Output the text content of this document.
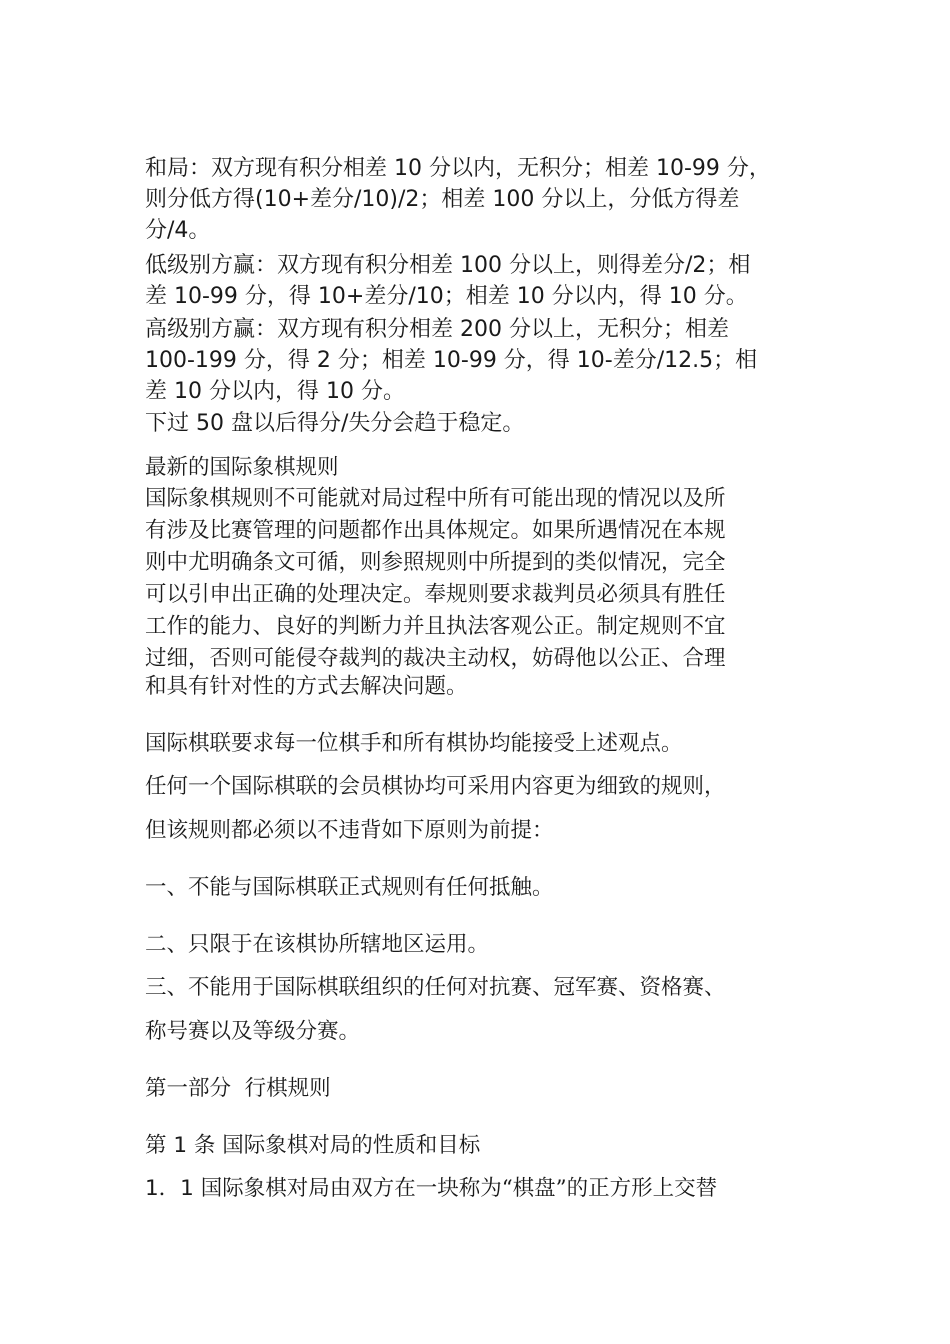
和局：双方现有积分相差 10 分以内，无积分；相差 10-99 分，
则分低方得(10+差分/10)/2；相差 100 分以上，分低方得差
分/4。
低级别方赢：双方现有积分相差 100 分以上，则得差分/2；相
差 10-99 分，得 10+差分/10；相差 10 分以内，得 10 分。
高级别方赢：双方现有积分相差 200 分以上，无积分；相差
100-199 分，得 2 分；相差 10-99 分，得 10-差分/12.5；相
差 10 分以内，得 10 分。
下过 50 盘以后得分/失分会趋于稳定。
最新的国际象棋规则
国际象棋规则不可能就对局过程中所有可能出现的情况以及所
有涉及比赛管理的问题都作出具体规定。如果所遇情况在本规
则中尤明确条文可循，则参照规则中所提到的类似情况，完全
可以引申出正确的处理决定。奉规则要求裁判员必须具有胜任
工作的能力、良好的判断力并且执法客观公正。制定规则不宜
过细，否则可能侵夺裁判的裁决主动权，妨碍他以公正、合理
和具有针对性的方式去解决问题。
国际棋联要求每一位棋手和所有棋协均能接受上述观点。
任何一个国际棋联的会员棋协均可采用内容更为细致的规则，
但该规则都必须以不违背如下原则为前提：
一、不能与国际棋联正式规则有任何抵触。
二、只限于在该棋协所辖地区运用。
三、不能用于国际棋联组织的任何对抗赛、冠军赛、资格赛、
称号赛以及等级分赛。
第一部分  行棋规则
第 1 条 国际象棋对局的性质和目标
1．1 国际象棋对局由双方在一块称为“棋盘”的正方形上交替
